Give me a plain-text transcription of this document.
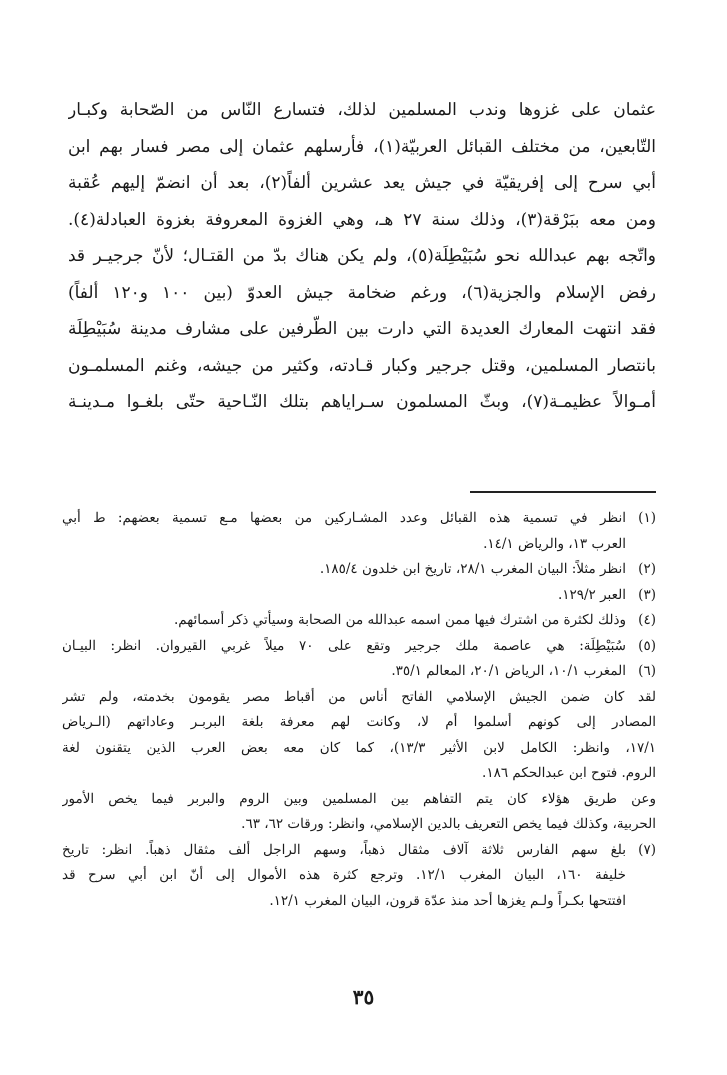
عثمان على غزوها وندب المسلمين لذلك، فتسارع النّاس من الصّحابة وكبـار
التّابعين، من مختلف القبائل العربيّة(١)، فأرسلهم عثمان إلى مصر فسار بهم ابن
أبي سرح إلى إفريقيّة في جيش يعد عشرين ألفاً(٢)، بعد أن انضمّ إليهم عُقبة
ومن معه ببَرْقة(٣)، وذلك سنة ٢٧ هـ، وهي الغزوة المعروفة بغزوة العبادلة(٤).
واتّجه بهم عبدالله نحو سُبَيْطِلَة(٥)، ولم يكن هناك بدّ من القتـال؛ لأنّ جرجيـر قد
رفض الإسلام والجزية(٦)، ورغم ضخامة جيش العدوّ (بين ١٠٠ و١٢٠ ألفاً)
فقد انتهت المعارك العديدة التي دارت بين الطّرفين على مشارف مدينة سُبَيْطِلَة
بانتصار المسلمين، وقتل جرجير وكبار قـادته، وكثير من جيشه، وغنم المسلمـون
أمـوالاً عظيمـة(٧)، وبثّ المسلمون سـراياهم بتلك النّـاحية حتّى بلغـوا مـدينـة
(١)
انظر في تسمية هذه القبائل وعدد المشـاركين من بعضها مـع تسمية بعضهم: ط أبي
العرب ١٣، والرياض ١٤/١.
(٢)
انظر مثلاً: البيان المغرب ٢٨/١، تاريخ ابن خلدون ١٨٥/٤.
(٣)
العبر ١٢٩/٢.
(٤)
وذلك لكثرة من اشترك فيها ممن اسمه عبدالله من الصحابة وسيأتي ذكر أسمائهم.
(٥)
سُبَيْطِلَة: هي عاصمة ملك جرجير وتقع على ٧٠ ميلاً غربي القيروان. انظر: البيـان
(٦)
المغرب ١٠/١، الرياض ٢٠/١، المعالم ٣٥/١.
لقد كان ضمن الجيش الإسلامي الفاتح أناس من أقباط مصر يقومون بخدمته، ولم تشر
المصادر إلى كونهم أسلموا أم لا، وكانت لهم معرفة بلغة البربـر وعاداتهم (الـرياض
١٧/١، وانظر: الكامل لابن الأثير ١٣/٣)، كما كان معه بعض العرب الذين يتقنون لغة
الروم. فتوح ابن عبدالحكم ١٨٦.
وعن طريق هؤلاء كان يتم التفاهم بين المسلمين وبين الروم والبربر فيما يخص الأمور
الحربية، وكذلك فيما يخص التعريف بالدين الإسلامي، وانظر: ورقات ٦٢، ٦٣.
(٧)
بلغ سهم الفارس ثلاثة آلاف مثقال ذهباً، وسهم الراجل ألف مثقال ذهباً. انظر: تاريخ
خليفة ١٦٠، البيان المغرب ١٢/١. وترجع كثرة هذه الأموال إلى أنّ ابن أبي سرح قد
افتتحها بكـراً ولـم يغزها أحد منذ عدّة قرون، البيان المغرب ١٢/١.
٣٥
